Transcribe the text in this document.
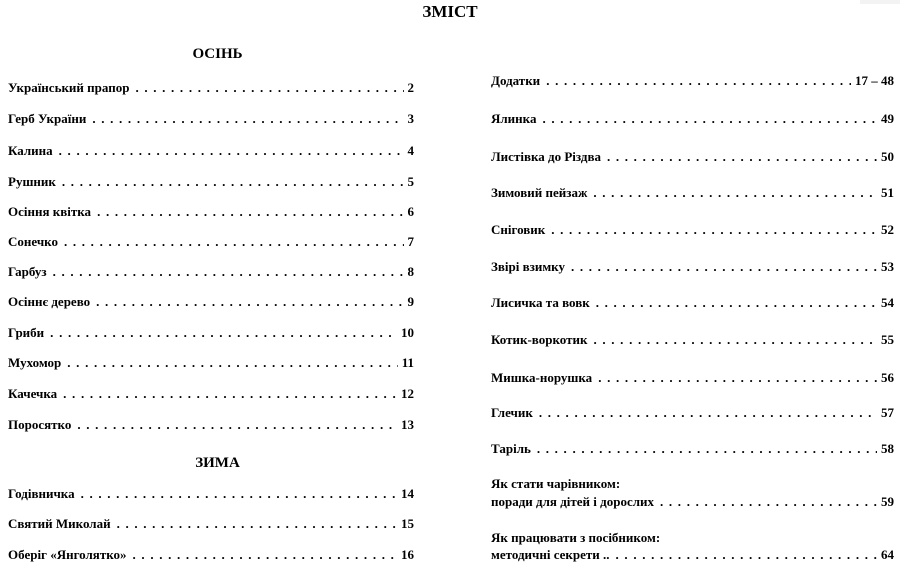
ЗМІСТ
ОСІНЬ
ЗИМА
Український прапор . . .	2
Герб України . . .	3
Калина . . .	4
Рушник . . .	5
Осіння квітка . . .	6
Сонечко . . .	7
Гарбуз . . .	8
Осіннє дерево . . .	9
Гриби . . .	10
Мухомор . . .	11
Качечка . . .	12
Поросятко . . .	13
Годівничка . . .	14
Святий Миколай . . .	15
Оберіг «Янголятко» . . .	16
Додатки . . .	17 – 48
Ялинка . . .	49
Листівка до Різдва . . .	50
Зимовий пейзаж . . .	51
Сніговик . . .	52
Звірі взимку . . .	53
Лисичка та вовк . . .	54
Котик-воркотик . . .	55
Мишка-норушка . . .	56
Глечик . . .	57
Таріль . . .	58
Як стати чарівником:
поради для дітей і дорослих . . .	59
Як працювати з посібником:
методичні секрети .. . . .	64
